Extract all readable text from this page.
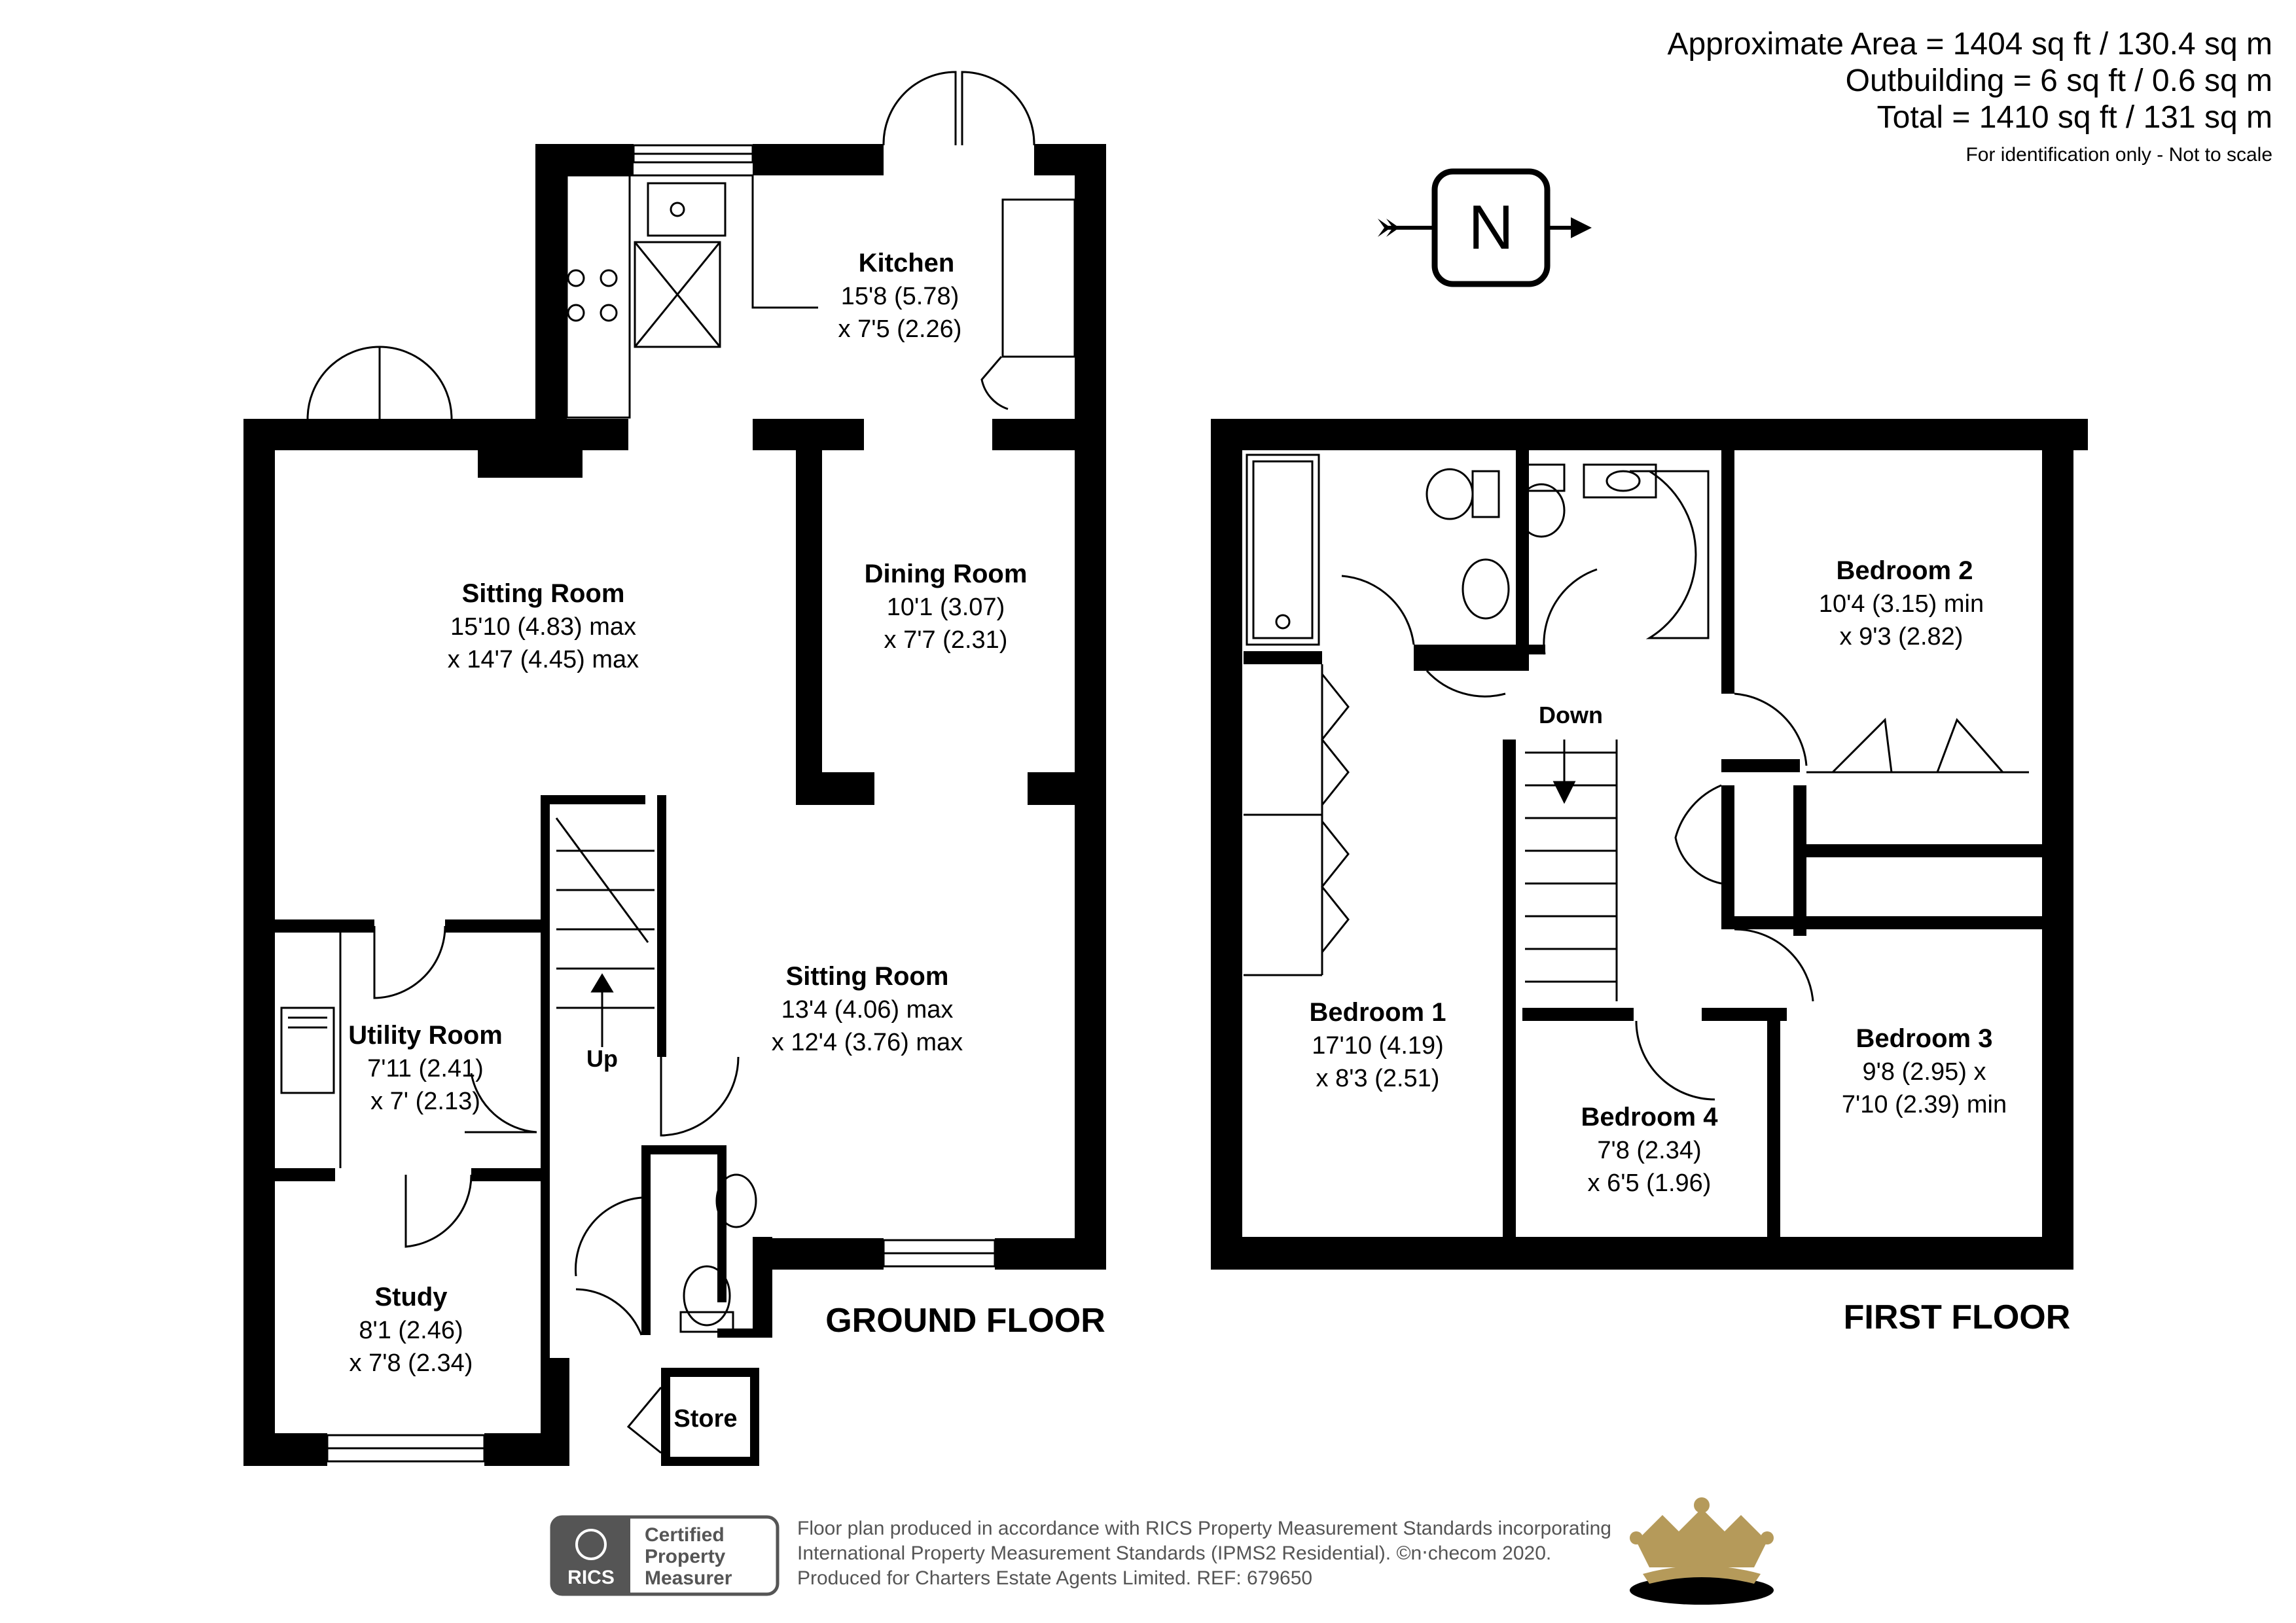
Approximate Area = 1404 sq ft / 130.4 sq m
Outbuilding = 6 sq ft / 0.6 sq m
Total = 1410 sq ft / 131 sq m
For identification only - Not to scale
N
Kitchen
15'8 (5.78)
x 7'5 (2.26)
Sitting Room
15'10 (4.83) max
x 14'7 (4.45) max
Dining Room
10'1 (3.07)
x 7'7 (2.31)
Sitting Room
13'4 (4.06) max
x 12'4 (3.76) max
Utility Room
7'11 (2.41)
x 7' (2.13)
Study
8'1 (2.46)
x 7'8 (2.34)
Store
Up
GROUND FLOOR
Bedroom 2
10'4 (3.15) min
x 9'3 (2.82)
Bedroom 1
17'10 (4.19)
x 8'3 (2.51)
Bedroom 4
7'8 (2.34)
x 6'5 (1.96)
Bedroom 3
9'8 (2.95) x
7'10 (2.39) min
Down
FIRST FLOOR
RICS
Certified
Property
Measurer
Floor plan produced in accordance with RICS Property Measurement Standards incorporating
International Property Measurement Standards (IPMS2 Residential). ©n‧checom 2020.
Produced for Charters Estate Agents Limited. REF: 679650
